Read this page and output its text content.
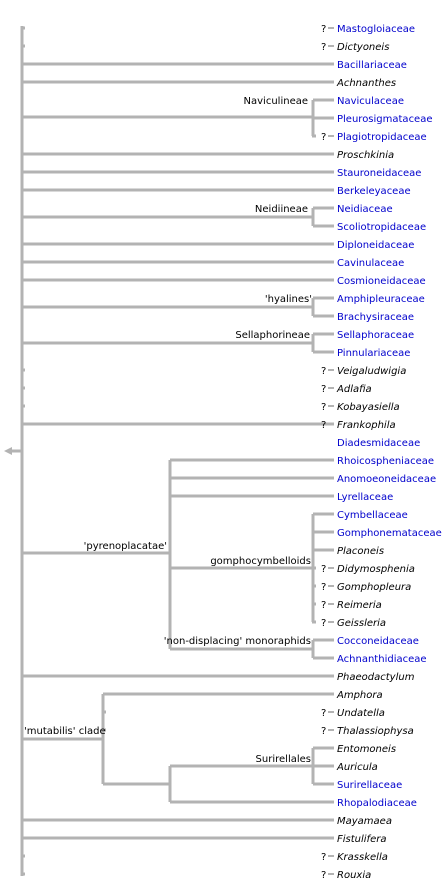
?
?
?
?
?
?
?
?
?
?
?
?
?
?
?
Mastogloiaceae
Dictyoneis
Bacillariaceae
Achnanthes
Naviculaceae
Pleurosigmataceae
Plagiotropidaceae
Proschkinia
Stauroneidaceae
Berkeleyaceae
Neidiaceae
Scoliotropidaceae
Diploneidaceae
Cavinulaceae
Cosmioneidaceae
Amphipleuraceae
Brachysiraceae
Sellaphoraceae
Pinnulariaceae
Veigaludwigia
Adlafia
Kobayasiella
Frankophila
Diadesmidaceae
Rhoicospheniaceae
Anomoeoneidaceae
Lyrellaceae
Cymbellaceae
Gomphonemataceae
Placoneis
Didymosphenia
Gomphopleura
Reimeria
Geissleria
Cocconeidaceae
Achnanthidiaceae
Phaeodactylum
Amphora
Undatella
Thalassiophysa
Entomoneis
Auricula
Surirellaceae
Rhopalodiaceae
Mayamaea
Fistulifera
Krasskella
Rouxia
Naviculineae
Neidiineae
'hyalines'
Sellaphorineae
'pyrenoplacatae'
gomphocymbelloids
'non-displacing' monoraphids
'mutabilis' clade
Surirellales
